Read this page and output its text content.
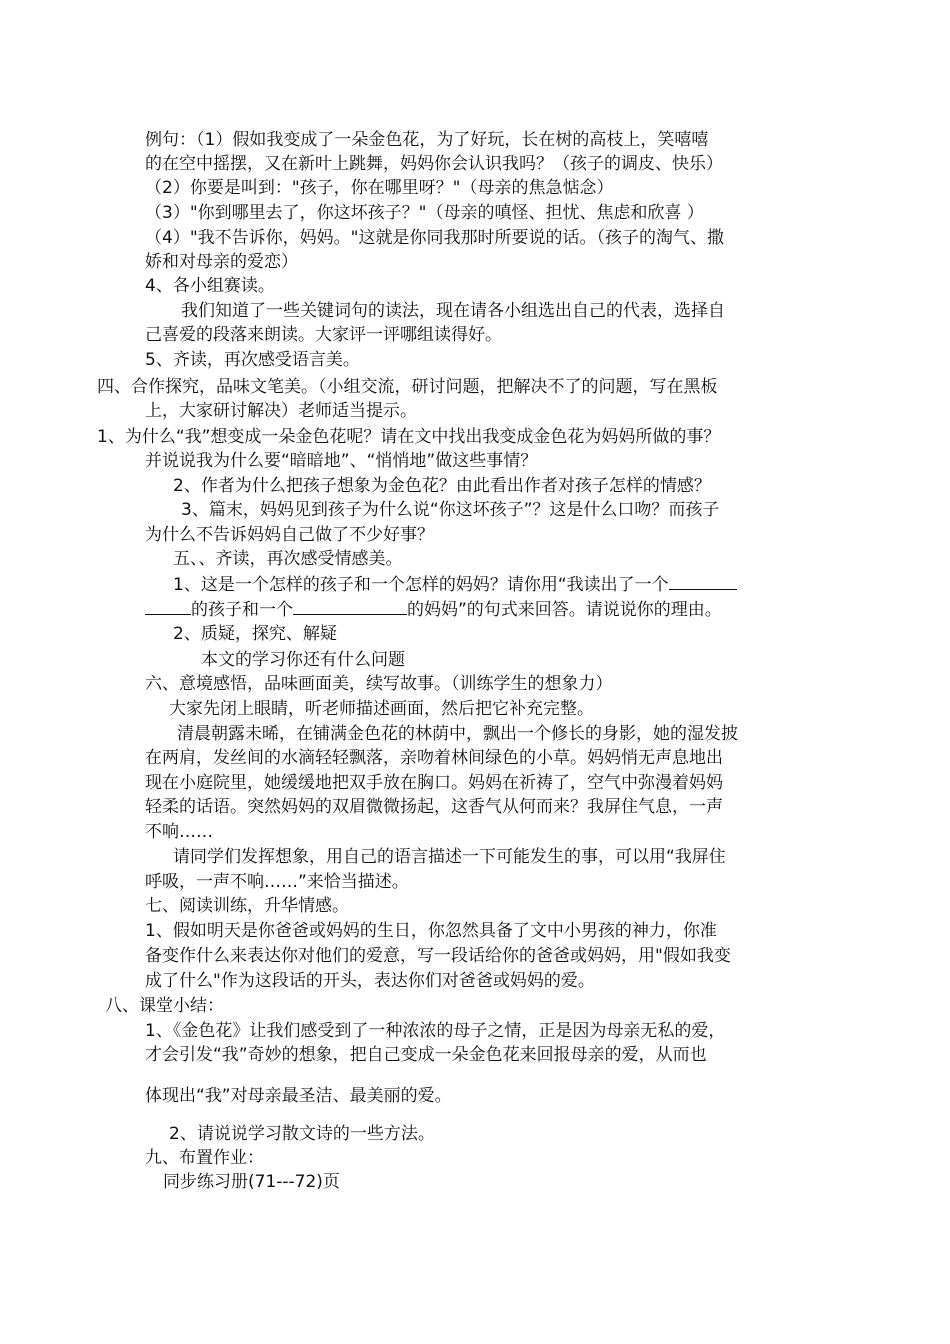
例句：（1）假如我变成了一朵金色花，为了好玩，长在树的高枝上，笑嘻嘻
的在空中摇摆，又在新叶上跳舞，妈妈你会认识我吗？（孩子的调皮、快乐）
（2）你要是叫到："孩子，你在哪里呀？"（母亲的焦急惦念）
（3）"你到哪里去了，你这坏孩子？"（母亲的嗔怪、担忧、焦虑和欣喜 ）
（4）"我不告诉你，妈妈。"这就是你同我那时所要说的话。（孩子的淘气、撒
娇和对母亲的爱恋）
4、各小组赛读。
我们知道了一些关键词句的读法，现在请各小组选出自己的代表，选择自
己喜爱的段落来朗读。大家评一评哪组读得好。
5、齐读，再次感受语言美。
四、合作探究，品味文笔美。（小组交流，研讨问题，把解决不了的问题，写在黑板
上，大家研讨解决）老师适当提示。
1、为什么“我”想变成一朵金色花呢？请在文中找出我变成金色花为妈妈所做的事？
并说说我为什么要“暗暗地”、“悄悄地”做这些事情？
2、作者为什么把孩子想象为金色花？由此看出作者对孩子怎样的情感？
3、篇末，妈妈见到孩子为什么说“你这坏孩子”？这是什么口吻？而孩子
为什么不告诉妈妈自己做了不少好事？
五、、齐读，再次感受情感美。
1、这是一个怎样的孩子和一个怎样的妈妈？请你用“我读出了一个
的孩子和一个	的妈妈”的句式来回答。请说说你的理由。
2、质疑，探究、解疑
本文的学习你还有什么问题
六、意境感悟，品味画面美，续写故事。（训练学生的想象力）
大家先闭上眼睛，听老师描述画面，然后把它补充完整。
清晨朝露未晞，在铺满金色花的林荫中，飘出一个修长的身影，她的湿发披
在两肩，发丝间的水滴轻轻飘落，亲吻着林间绿色的小草。妈妈悄无声息地出
现在小庭院里，她缓缓地把双手放在胸口。妈妈在祈祷了，空气中弥漫着妈妈
轻柔的话语。突然妈妈的双眉微微扬起，这香气从何而来？我屏住气息，一声
不响……
请同学们发挥想象，用自己的语言描述一下可能发生的事，可以用“我屏住
呼吸，一声不响……”来恰当描述。
七、阅读训练，升华情感。
1、假如明天是你爸爸或妈妈的生日，你忽然具备了文中小男孩的神力，你准
备变作什么来表达你对他们的爱意，写一段话给你的爸爸或妈妈，用"假如我变
成了什么"作为这段话的开头，表达你们对爸爸或妈妈的爱。
八、课堂小结：
1、《金色花》让我们感受到了一种浓浓的母子之情，正是因为母亲无私的爱，
才会引发“我”奇妙的想象，把自己变成一朵金色花来回报母亲的爱，从而也
体现出“我”对母亲最圣洁、最美丽的爱。
2、请说说学习散文诗的一些方法。
九、布置作业：
同步练习册(71---72)页
